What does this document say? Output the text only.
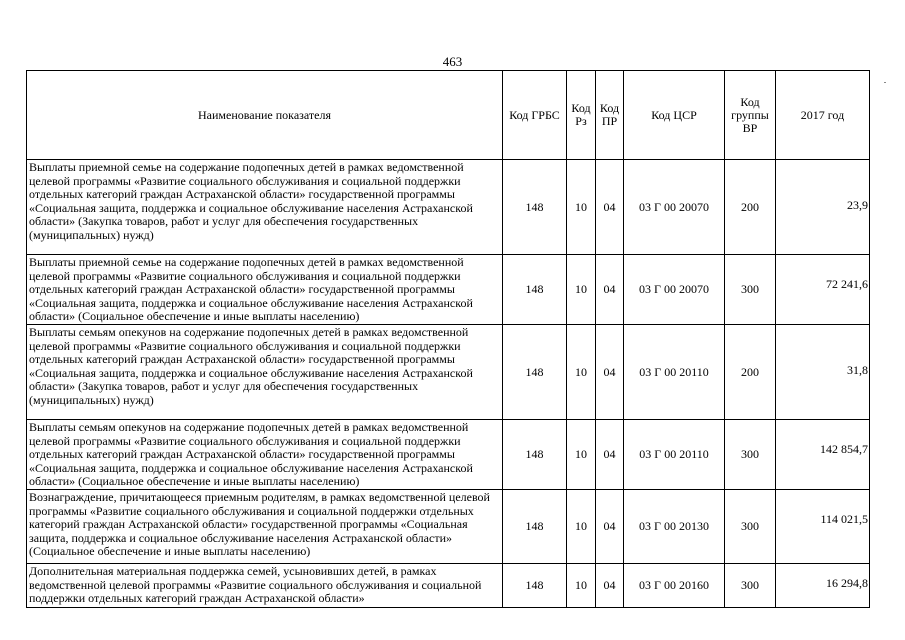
463
Наименование показателя	Код ГРБС	Код Рз	Код ПР	Код ЦСР	Код группы ВР	2017 год
Выплаты приемной семье на содержание подопечных детей в рамках ведомственной целевой программы «Развитие социального обслуживания и социальной поддержки отдельных категорий граждан Астраханской области» государственной программы «Социальная защита, поддержка и социальное обслуживание населения Астраханской области» (Закупка товаров, работ и услуг для обеспечения государственных (муниципальных) нужд)	148	10	04	03 Г 00 20070	200	23,9
Выплаты приемной семье на содержание подопечных детей в рамках ведомственной целевой программы «Развитие социального обслуживания и социальной поддержки отдельных категорий граждан Астраханской области» государственной программы «Социальная защита, поддержка и социальное обслуживание населения Астраханской области» (Социальное обеспечение и иные выплаты населению)	148	10	04	03 Г 00 20070	300	72 241,6
Выплаты семьям опекунов на содержание подопечных детей в рамках ведомственной целевой программы «Развитие социального обслуживания и социальной поддержки отдельных категорий граждан Астраханской области» государственной программы «Социальная защита, поддержка и социальное обслуживание населения Астраханской области» (Закупка товаров, работ и услуг для обеспечения государственных (муниципальных) нужд)	148	10	04	03 Г 00 20110	200	31,8
Выплаты семьям опекунов на содержание подопечных детей в рамках ведомственной целевой программы «Развитие социального обслуживания и социальной поддержки отдельных категорий граждан Астраханской области» государственной программы «Социальная защита, поддержка и социальное обслуживание населения Астраханской области» (Социальное обеспечение и иные выплаты населению)	148	10	04	03 Г 00 20110	300	142 854,7
Вознаграждение, причитающееся приемным родителям, в рамках ведомственной целевой программы «Развитие социального обслуживания и социальной поддержки отдельных категорий граждан Астраханской области» государственной программы «Социальная защита, поддержка и социальное обслуживание населения Астраханской области» (Социальное обеспечение и иные выплаты населению)	148	10	04	03 Г 00 20130	300	114 021,5
Дополнительная материальная поддержка семей, усыновивших детей, в рамках ведомственной целевой программы «Развитие социального обслуживания и социальной поддержки отдельных категорий граждан Астраханской области»	148	10	04	03 Г 00 20160	300	16 294,8
